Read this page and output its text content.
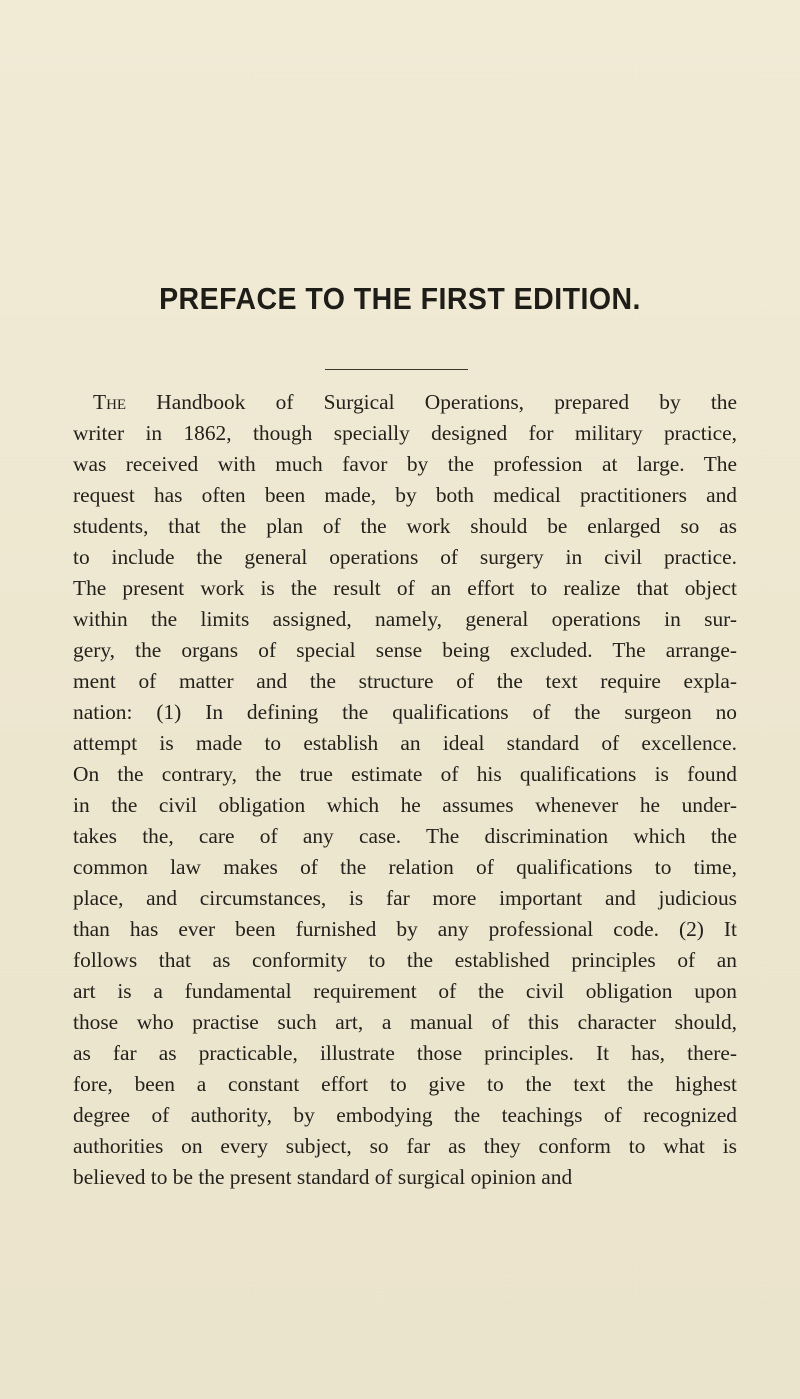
PREFACE TO THE FIRST EDITION.
The Handbook of Surgical Operations, prepared by the
writer in 1862, though specially designed for military practice,
was received with much favor by the profession at large. The
request has often been made, by both medical practitioners and
students, that the plan of the work should be enlarged so as
to include the general operations of surgery in civil practice.
The present work is the result of an effort to realize that object
within the limits assigned, namely, general operations in sur-
gery, the organs of special sense being excluded. The arrange-
ment of matter and the structure of the text require expla-
nation: (1) In defining the qualifications of the surgeon no
attempt is made to establish an ideal standard of excellence.
On the contrary, the true estimate of his qualifications is found
in the civil obligation which he assumes whenever he under-
takes the, care of any case. The discrimination which the
common law makes of the relation of qualifications to time,
place, and circumstances, is far more important and judicious
than has ever been furnished by any professional code. (2) It
follows that as conformity to the established principles of an
art is a fundamental requirement of the civil obligation upon
those who practise such art, a manual of this character should,
as far as practicable, illustrate those principles. It has, there-
fore, been a constant effort to give to the text the highest
degree of authority, by embodying the teachings of recognized
authorities on every subject, so far as they conform to what is
believed to be the present standard of surgical opinion and
